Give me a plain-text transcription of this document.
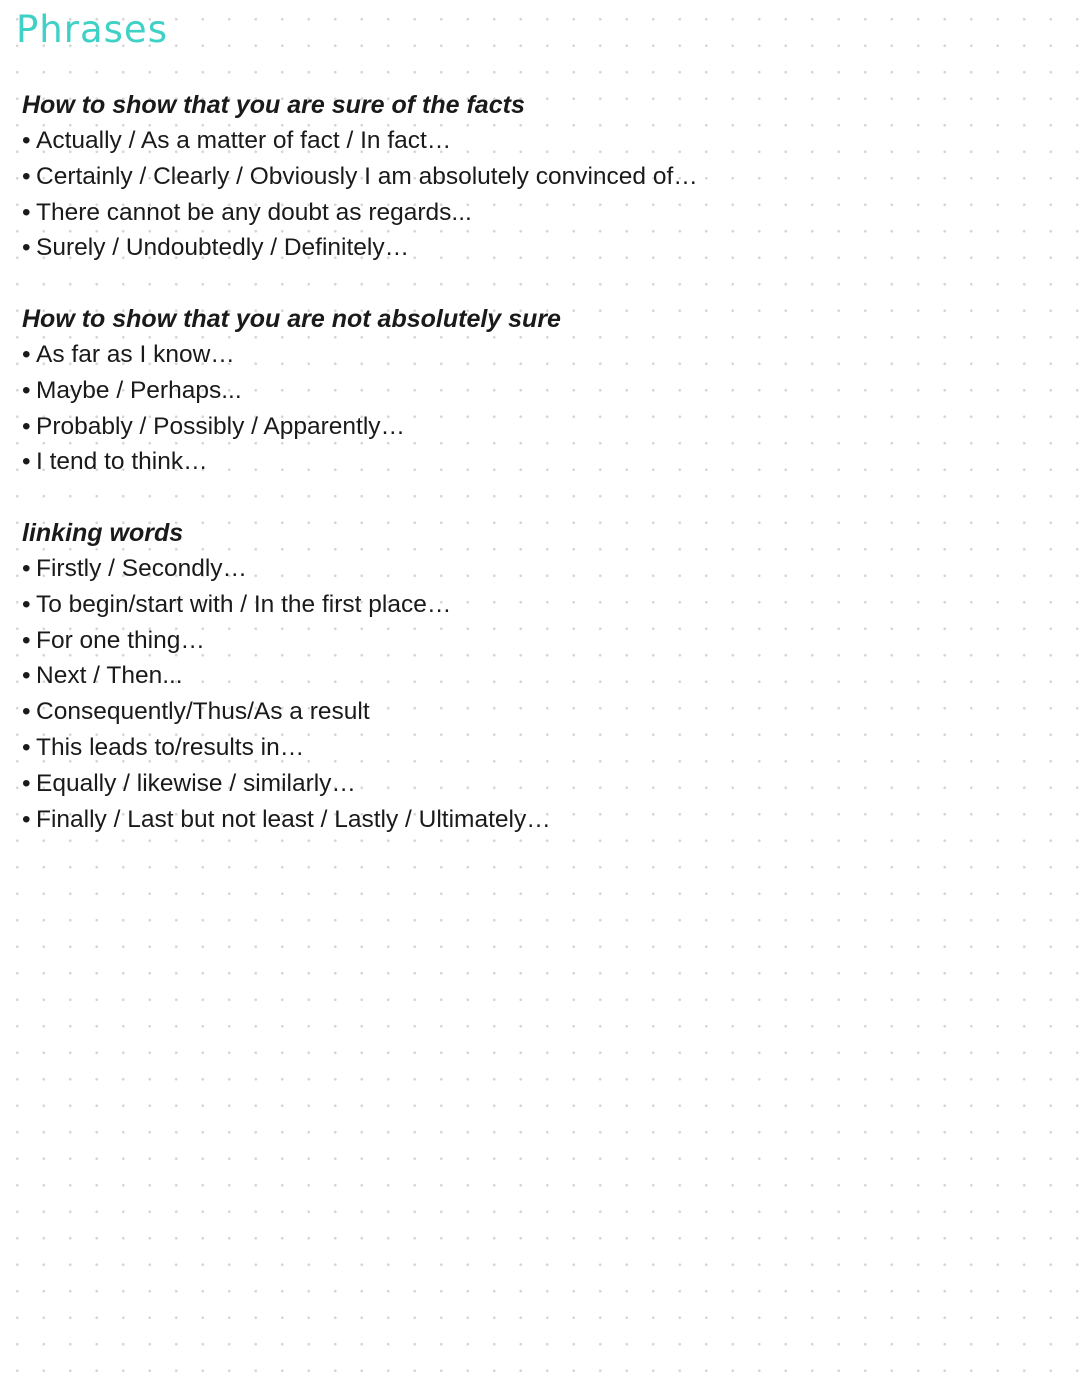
Phrases
How to show that you are sure of the facts
• Actually / As a matter of fact / In fact…
• Certainly / Clearly / Obviously I am absolutely convinced of…
• There cannot be any doubt as regards...
• Surely / Undoubtedly / Definitely…
How to show that you are not absolutely sure
• As far as I know…
• Maybe / Perhaps...
• Probably / Possibly / Apparently…
• I tend to think…
linking words
• Firstly / Secondly…
• To begin/start with / In the first place…
• For one thing…
• Next / Then...
• Consequently/Thus/As a result
• This leads to/results in…
• Equally / likewise / similarly…
• Finally / Last but not least / Lastly / Ultimately…
